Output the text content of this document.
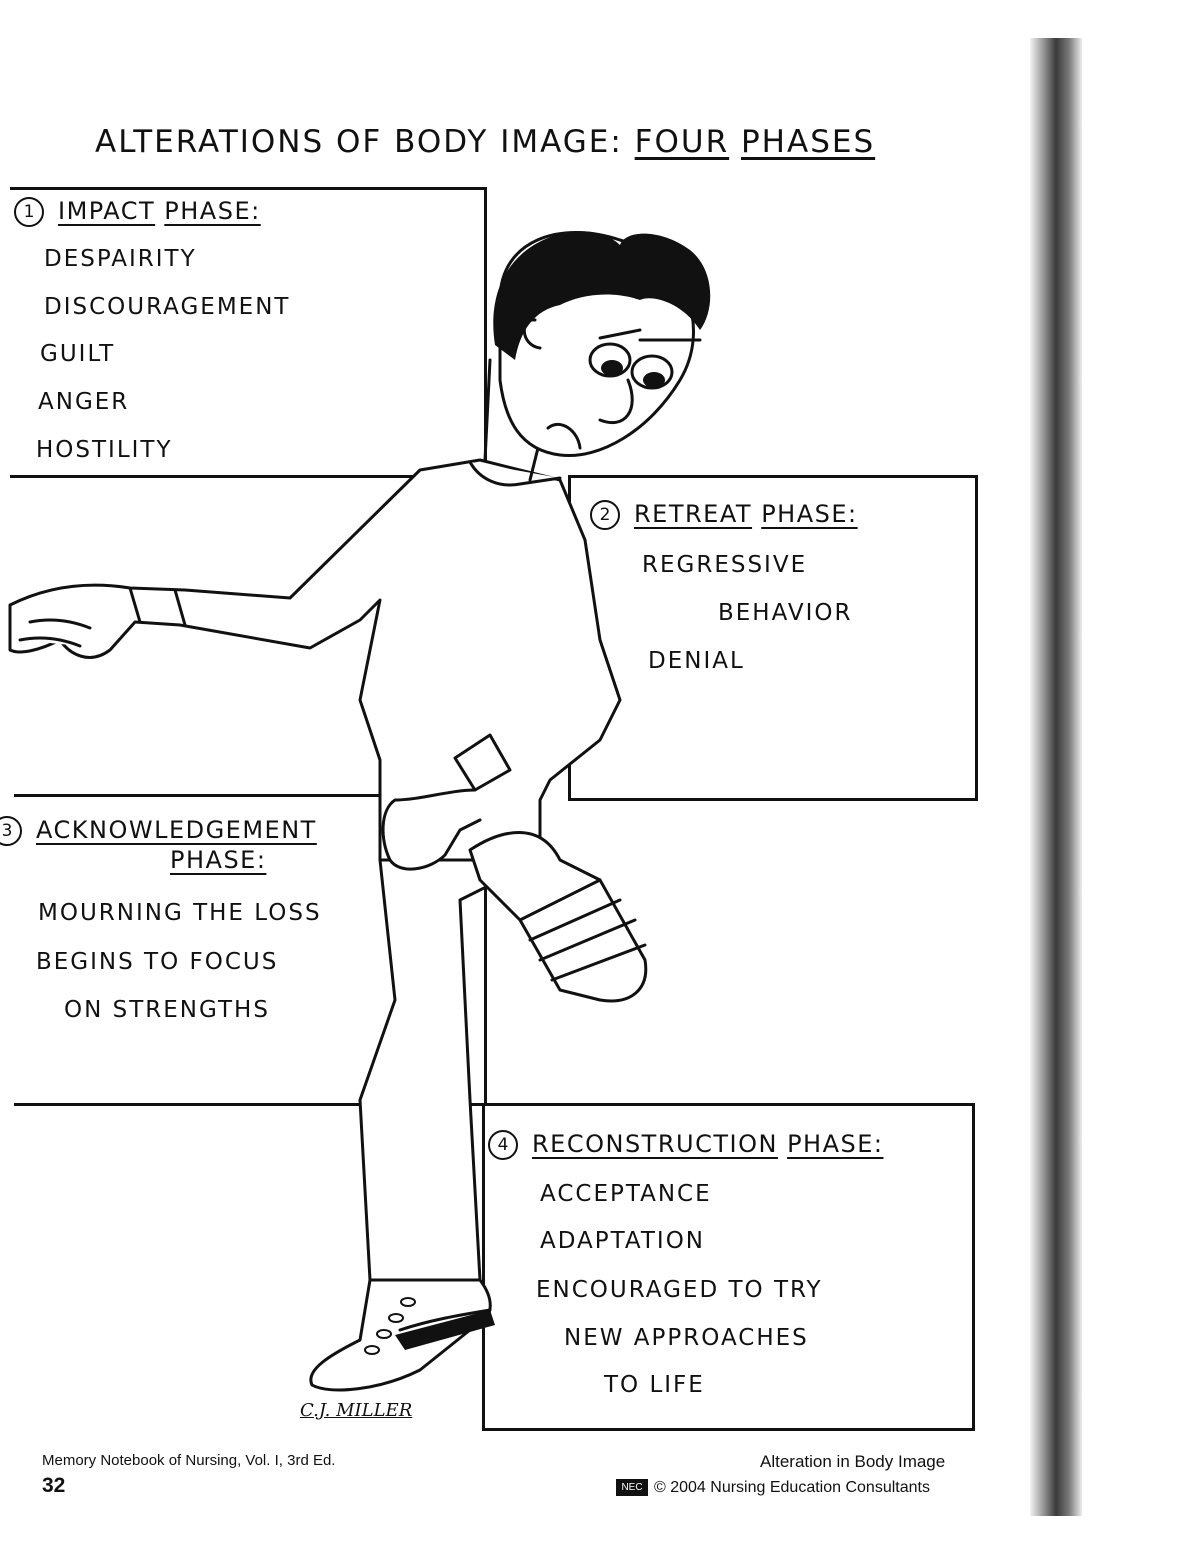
ALTERATIONS OF BODY IMAGE: FOUR PHASES
1 IMPACT PHASE:
DESPAIRITY
DISCOURAGEMENT
GUILT
ANGER
HOSTILITY
2 RETREAT PHASE:
REGRESSIVE
BEHAVIOR
DENIAL
3 ACKNOWLEDGEMENT
PHASE:
MOURNING THE LOSS
BEGINS TO FOCUS
ON STRENGTHS
4 RECONSTRUCTION PHASE:
ACCEPTANCE
ADAPTATION
ENCOURAGED TO TRY
NEW APPROACHES
TO LIFE
C.J. MILLER
Memory Notebook of Nursing, Vol. I, 3rd Ed.
32
Alteration in Body Image
NEC © 2004 Nursing Education Consultants
